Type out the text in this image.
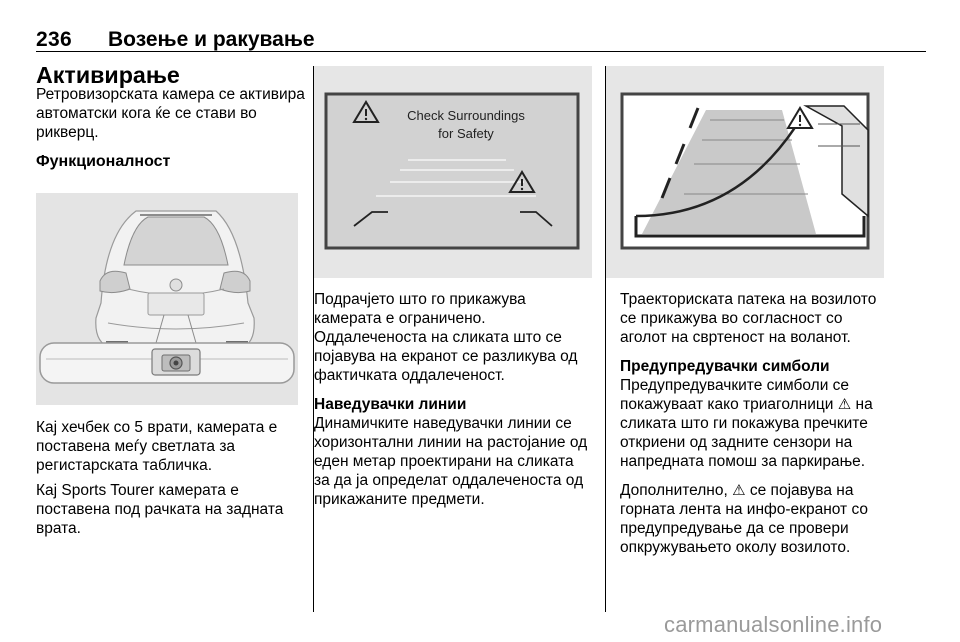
236 Возење и ракување
Активирање

Ретровизорската камера се активира автоматски кога ќе се стави во рикверц.

Функционалност

Кај хечбек со 5 врати, камерата е поставена меѓу светлата за регистарската табличка.

Кај Sports Tourer камерата е поставена под рачката на задната врата.

Check Surroundings
for Safety

Подрачјето што го прикажува камерата е ограничено. Оддалеченоста на сликата што се појавува на екранот се разликува од фактичката оддалеченост.

Наведувачки линии

Динамичките наведувачки линии се хоризонтални линии на растојание од еден метар проектирани на сликата за да ја определат оддалеченоста од прикажаните предмети.

Траекториската патека на возилото се прикажува во согласност со аголот на свртеност на воланот.

Предупредувачки симболи

Предупредувачките симболи се покажуваат како триаголници ⚠ на сликата што ги покажува пречките откриени од задните сензори на напредната помош за паркирање.

Дополнително, ⚠ се појавува на горната лента на инфо-екранот со предупредување да се провери опкружувањето околу возилото.

carmanualsonline.info
